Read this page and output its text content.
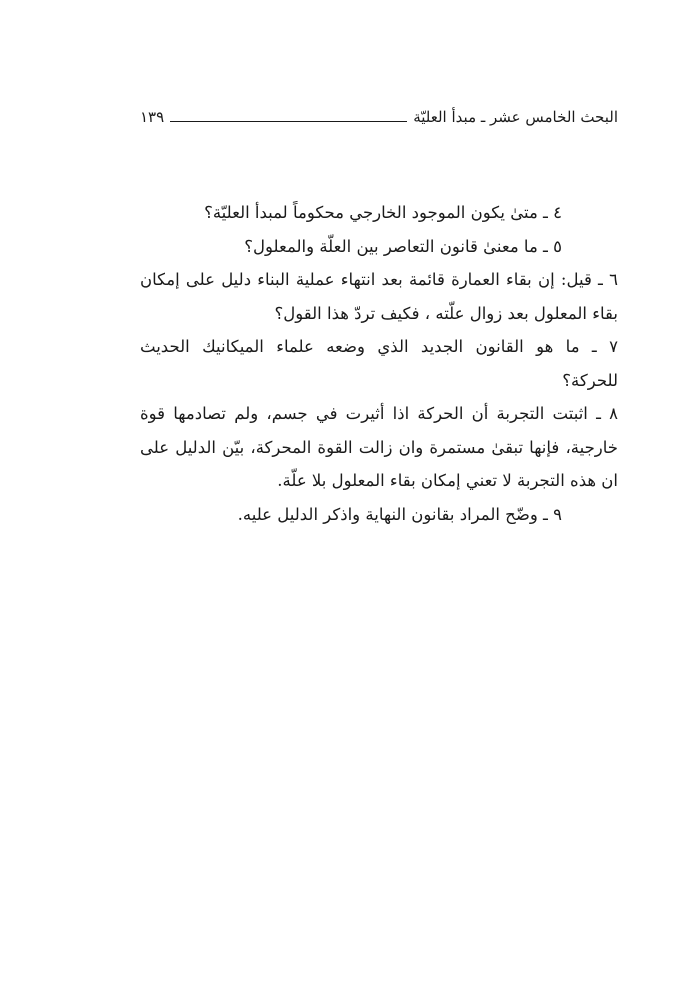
البحث الخامس عشر ـ مبدأ العليّة
١٣٩
٤ ـ متىٰ يكون الموجود الخارجي محكوماً لمبدأ العليّة؟
٥ ـ ما معنىٰ قانون التعاصر بين العلّة والمعلول؟
٦ ـ قيل: إن بقاء العمارة قائمة بعد انتهاء عملية البناء دليل على إمكان
بقاء المعلول بعد زوال علّته ، فكيف تردّ هذا القول؟
٧ ـ ما هو القانون الجديد الذي وضعه علماء الميكانيك الحديث
للحركة؟
٨ ـ اثبتت التجربة أن الحركة اذا أثيرت في جسم، ولم تصادمها قوة
خارجية، فإنها تبقىٰ مستمرة وان زالت القوة المحركة، بيّن الدليل على
ان هذه التجربة لا تعني إمكان بقاء المعلول بلا علّة.
٩ ـ وضّح المراد بقانون النهاية واذكر الدليل عليه.
